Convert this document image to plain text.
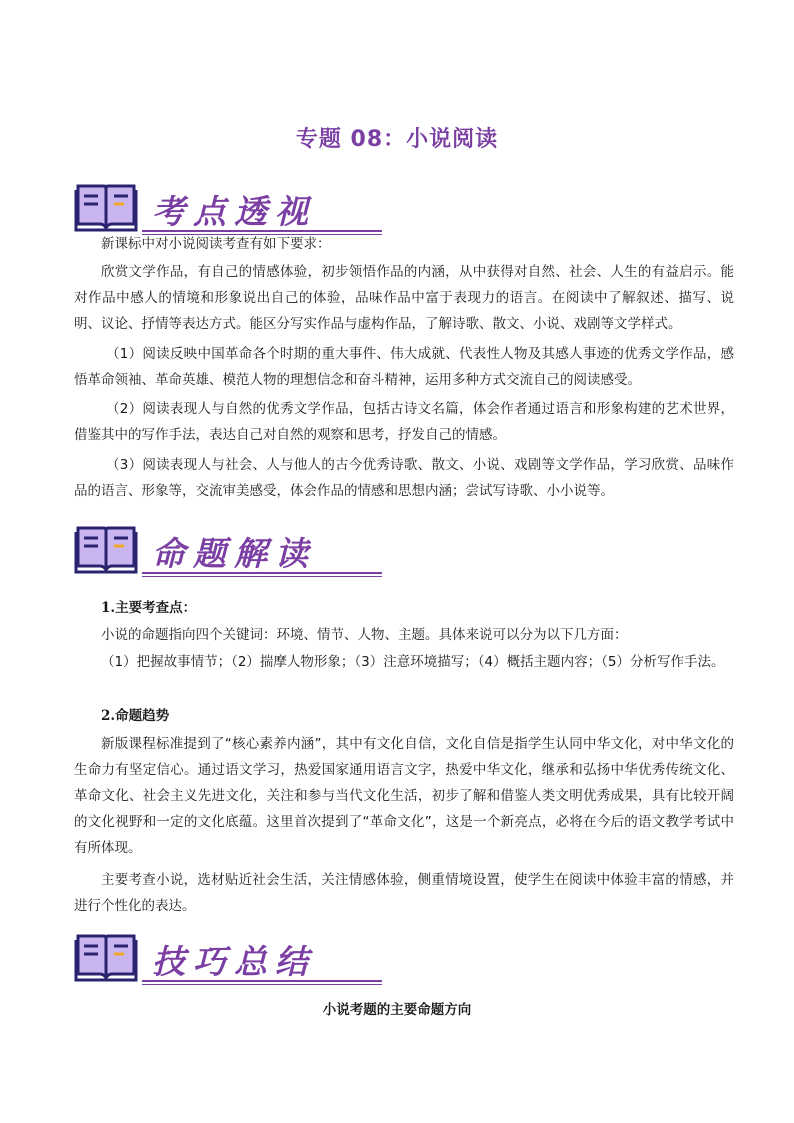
专题 08：小说阅读
考点透视
新课标中对小说阅读考查有如下要求：
欣赏文学作品，有自己的情感体验，初步领悟作品的内涵，从中获得对自然、社会、人生的有益启示。能对作品中感人的情境和形象说出自己的体验，品味作品中富于表现力的语言。在阅读中了解叙述、描写、说明、议论、抒情等表达方式。能区分写实作品与虚构作品，了解诗歌、散文、小说、戏剧等文学样式。
（1）阅读反映中国革命各个时期的重大事件、伟大成就、代表性人物及其感人事迹的优秀文学作品，感悟革命领袖、革命英雄、模范人物的理想信念和奋斗精神，运用多种方式交流自己的阅读感受。
（2）阅读表现人与自然的优秀文学作品，包括古诗文名篇，体会作者通过语言和形象构建的艺术世界，借鉴其中的写作手法，表达自己对自然的观察和思考，抒发自己的情感。
（3）阅读表现人与社会、人与他人的古今优秀诗歌、散文、小说、戏剧等文学作品，学习欣赏、品味作品的语言、形象等，交流审美感受，体会作品的情感和思想内涵；尝试写诗歌、小小说等。
命题解读
1.主要考查点：
小说的命题指向四个关键词：环境、情节、人物、主题。具体来说可以分为以下几方面：
（1）把握故事情节；（2）揣摩人物形象；（3）注意环境描写；（4）概括主题内容；（5）分析写作手法。
2.命题趋势
新版课程标准提到了“核心素养内涵”，其中有文化自信，文化自信是指学生认同中华文化，对中华文化的生命力有坚定信心。通过语文学习，热爱国家通用语言文字，热爱中华文化，继承和弘扬中华优秀传统文化、革命文化、社会主义先进文化，关注和参与当代文化生活，初步了解和借鉴人类文明优秀成果，具有比较开阔的文化视野和一定的文化底蕴。这里首次提到了“革命文化”，这是一个新亮点，必将在今后的语文教学考试中有所体现。
主要考查小说，选材贴近社会生活，关注情感体验，侧重情境设置，使学生在阅读中体验丰富的情感，并进行个性化的表达。
技巧总结
小说考题的主要命题方向
